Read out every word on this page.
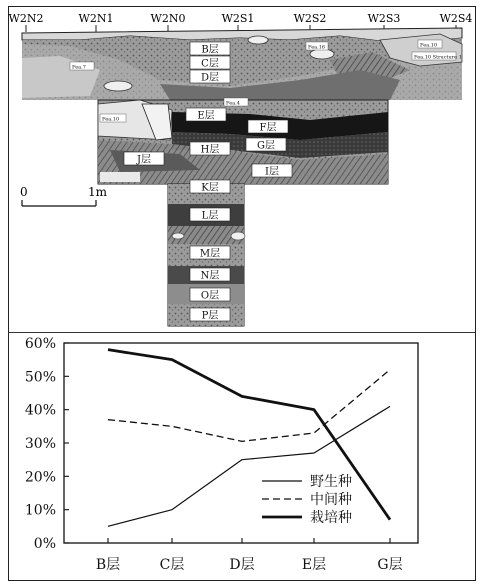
W2N2	W2N1	W2N0	W2S1	W2S2	W2S3	W2S4
B层
C层
D层
E层
F层
G层
H层
I层
J层
K层
L层
M层
N层
O层
P层
Fea.7
Fea.16
Fea.4
Fea.10
Fea.10
Fea.10 Structure 1
0	1m
0%
10%
20%
30%
40%
50%
60%
B层	C层	D层	E层	G层
野生种
中间种
栽培种
